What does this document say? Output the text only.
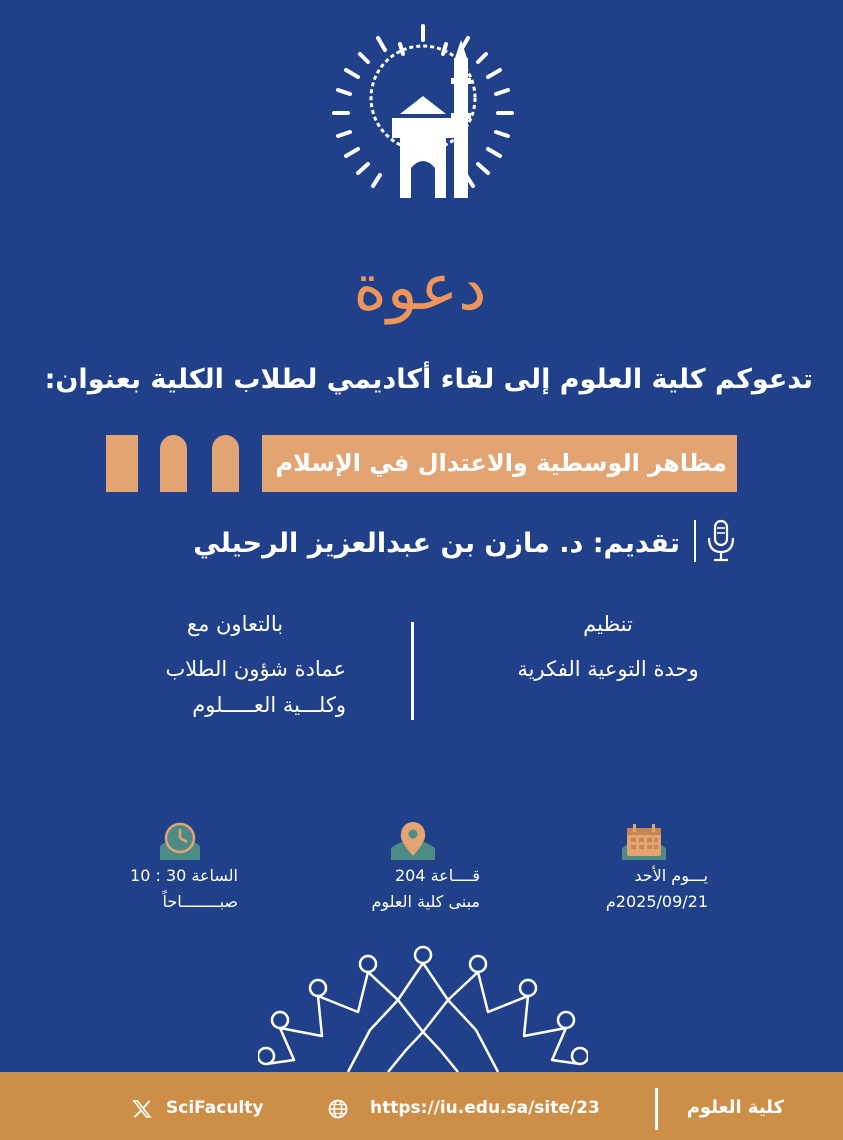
دعوة
تدعوكم كلية العلوم إلى لقاء أكاديمي لطلاب الكلية بعنوان:
مظاهر الوسطية والاعتدال في الإسلام
تقديم: د. مازن بن عبدالعزيز الرحيلي
تنظيم
وحدة التوعية الفكرية
بالتعاون مع
عمادة شؤون الطلاب
وكلـــية العـــــلوم
الساعة 30 : 10
صبــــــــاحاً
قــــاعة 204
مبنى كلية العلوم
يـــوم الأحد
2025/09/21م
كلية العلوم
https://iu.edu.sa/site/23
SciFaculty
